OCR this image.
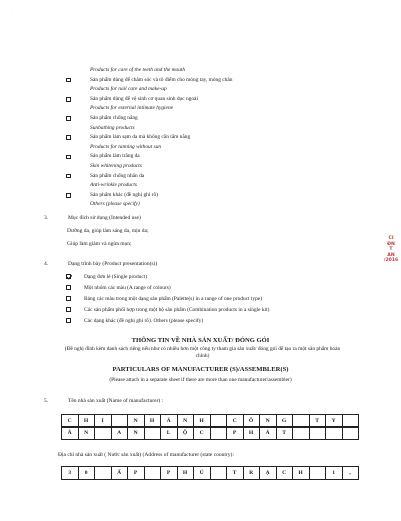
·
Products for care of the teeth and the mouth
Sản phẩm dùng để chăm sóc và tô điểm cho móng tay, móng chân
Products for nail care and make-up
Sản phẩm dùng để vệ sinh cơ quan sinh dục ngoài
Products for external intimate hygiene
Sản phẩm chống nắng
Sunbathing products
Sản phẩm làm sạm da mà không cần tắm nắng
Products for tanning without sun
Sản phẩm làm trắng da
Skin whitening products
Sản phẩm chống nhăn da
Anti-wrinkle products
Sản phẩm khác (đề nghị ghi rõ)
Others (please specify)
3.	Mục đích sử dụng (Intended use)
Dưỡng da, giúp làm sáng da, mịn da;
Giúp làm giảm và ngừa mụn;
4.	Dạng trình bày (Product presentation(s))
Dạng đơn lẻ (Single product)
Một nhóm các màu (A range of colours)
Bảng các màu trong một dạng sản phẩm (Palette(s) in a range of one product type)
Các sản phẩm phối hợp trong một bộ sản phẩm (Combination products in a single kit)
Các dạng khác (đề nghị ghi rõ). Others (please specify)
THÔNG TIN VỀ NHÀ SẢN XUẤT/ ĐÓNG GÓI
(Đề nghị đính kèm danh sách riêng nếu như có nhiều hơn một công ty tham gia sản xuất/ đóng gói để tạo ra một sản phẩm hoàn chỉnh)
PARTICULARS OF MANUFACTURER (S)/ASSEMBLER(S)
(Please attach in a separate sheet if there are more than one manufacturer/assembler)
5.	Tên nhà sản xuất (Name of manufacturer) :
C	H	I		N	H	Á	N	H		C	Ô	N	G		T	Y	
Â	N		A	N		L	Ộ	C		P	H	Á	T				
Địa chỉ nhà sản xuất ( Nước sản xuất) (Address of manufacturer (state country):
3	0		Ấ	P		P	H	Ú		T	R	Ạ	C	H		1	,
CI
ĐN
T
AN
/2016
